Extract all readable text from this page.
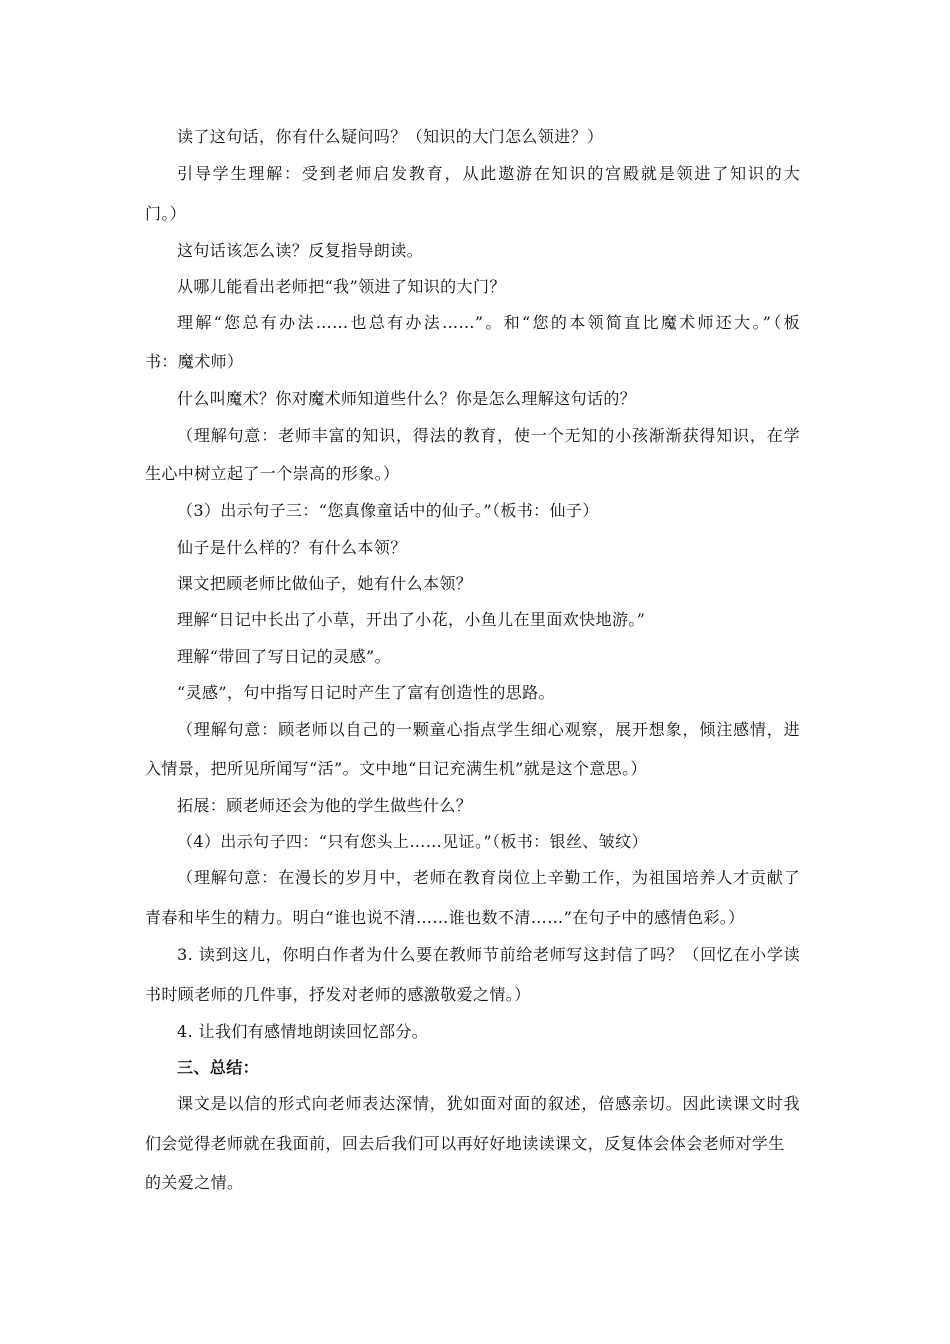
读了这句话，你有什么疑问吗？（知识的大门怎么领进？）
引导学生理解：受到老师启发教育，从此遨游在知识的宫殿就是领进了知识的大
门。）
这句话该怎么读？反复指导朗读。
从哪儿能看出老师把“我”领进了知识的大门？
理解“您总有办法……也总有办法……”。和“您的本领简直比魔术师还大。”（板
书：魔术师）
什么叫魔术？你对魔术师知道些什么？你是怎么理解这句话的？
（理解句意：老师丰富的知识，得法的教育，使一个无知的小孩渐渐获得知识，在学
生心中树立起了一个崇高的形象。）
（3）出示句子三：“您真像童话中的仙子。”（板书：仙子）
仙子是什么样的？有什么本领？
课文把顾老师比做仙子，她有什么本领？
理解“日记中长出了小草，开出了小花，小鱼儿在里面欢快地游。”
理解“带回了写日记的灵感”。
“灵感”，句中指写日记时产生了富有创造性的思路。
（理解句意：顾老师以自己的一颗童心指点学生细心观察，展开想象，倾注感情，进
入情景，把所见所闻写“活”。文中地“日记充满生机”就是这个意思。）
拓展：顾老师还会为他的学生做些什么？
（4）出示句子四：“只有您头上……见证。”（板书：银丝、皱纹）
（理解句意：在漫长的岁月中，老师在教育岗位上辛勤工作，为祖国培养人才贡献了
青春和毕生的精力。明白“谁也说不清……谁也数不清……”在句子中的感情色彩。）
3. 读到这儿，你明白作者为什么要在教师节前给老师写这封信了吗？（回忆在小学读
书时顾老师的几件事，抒发对老师的感激敬爱之情。）
4. 让我们有感情地朗读回忆部分。
三、总结：
课文是以信的形式向老师表达深情，犹如面对面的叙述，倍感亲切。因此读课文时我
们会觉得老师就在我面前，回去后我们可以再好好地读读课文，反复体会体会老师对学生
的关爱之情。
